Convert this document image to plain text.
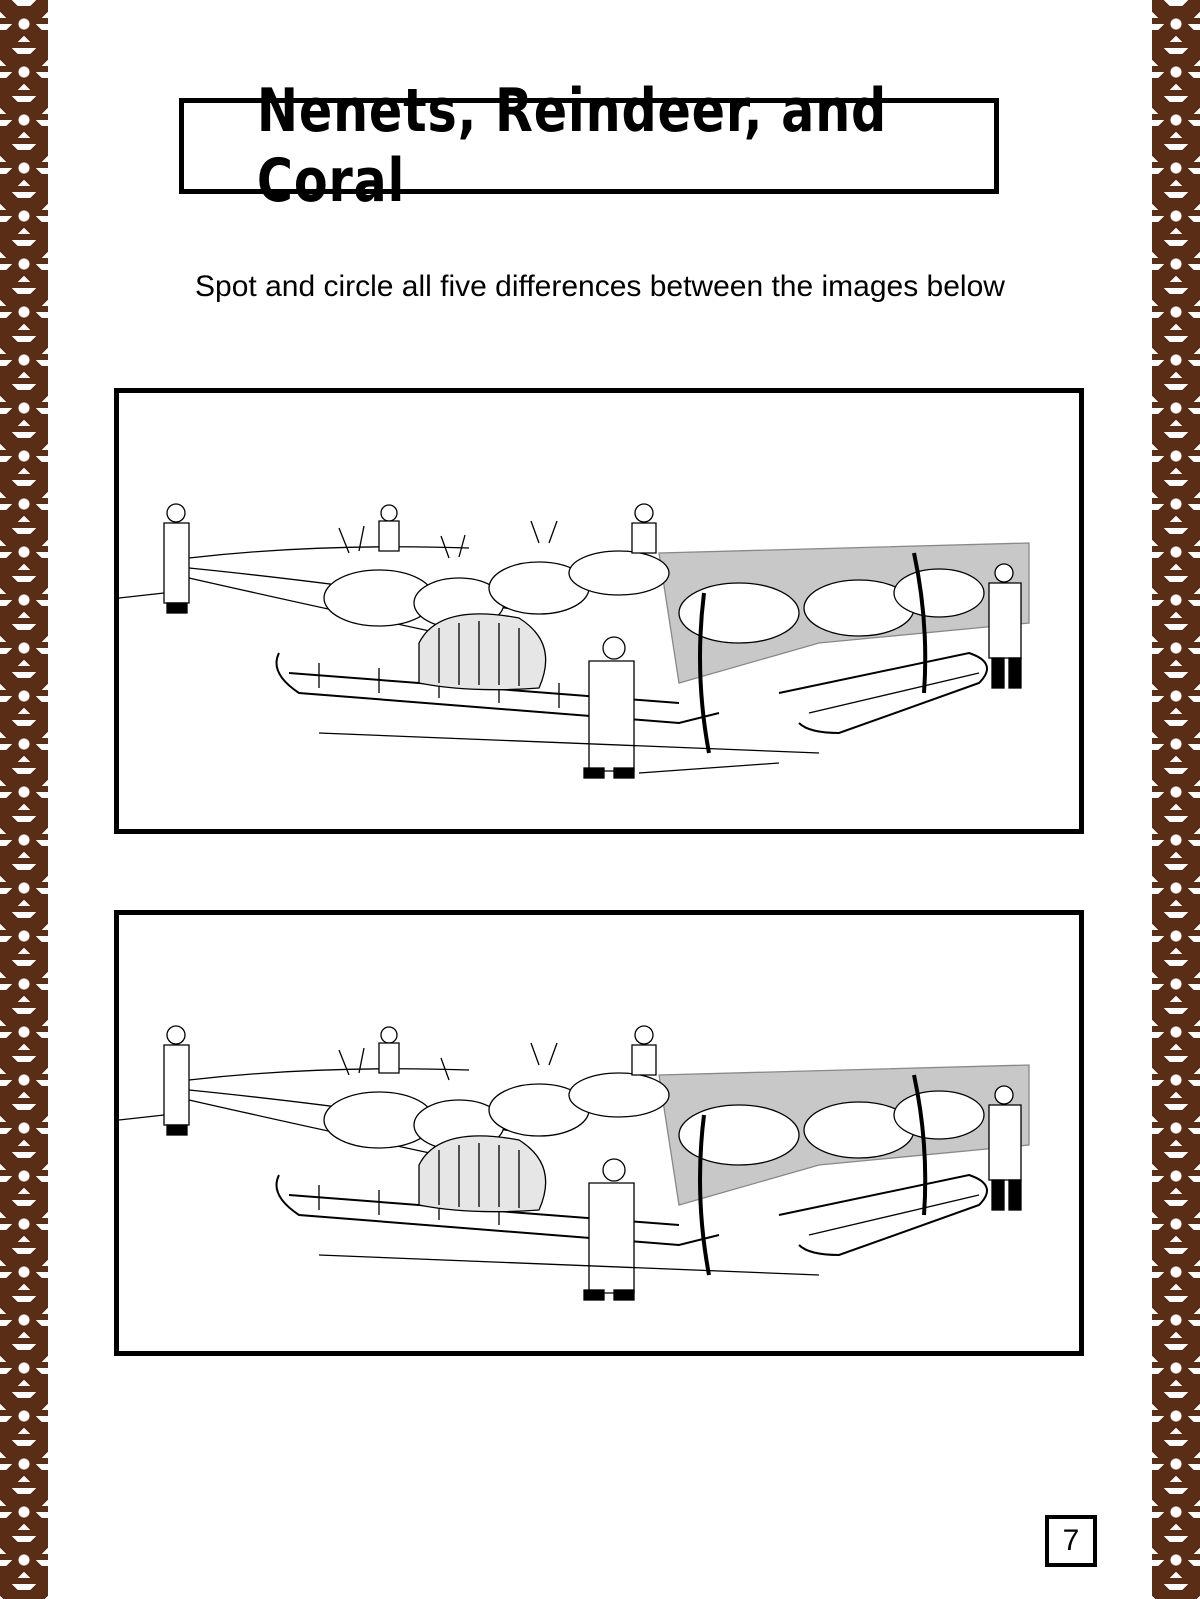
Nenets, Reindeer, and Coral
Spot and circle all five differences between the images below
7
